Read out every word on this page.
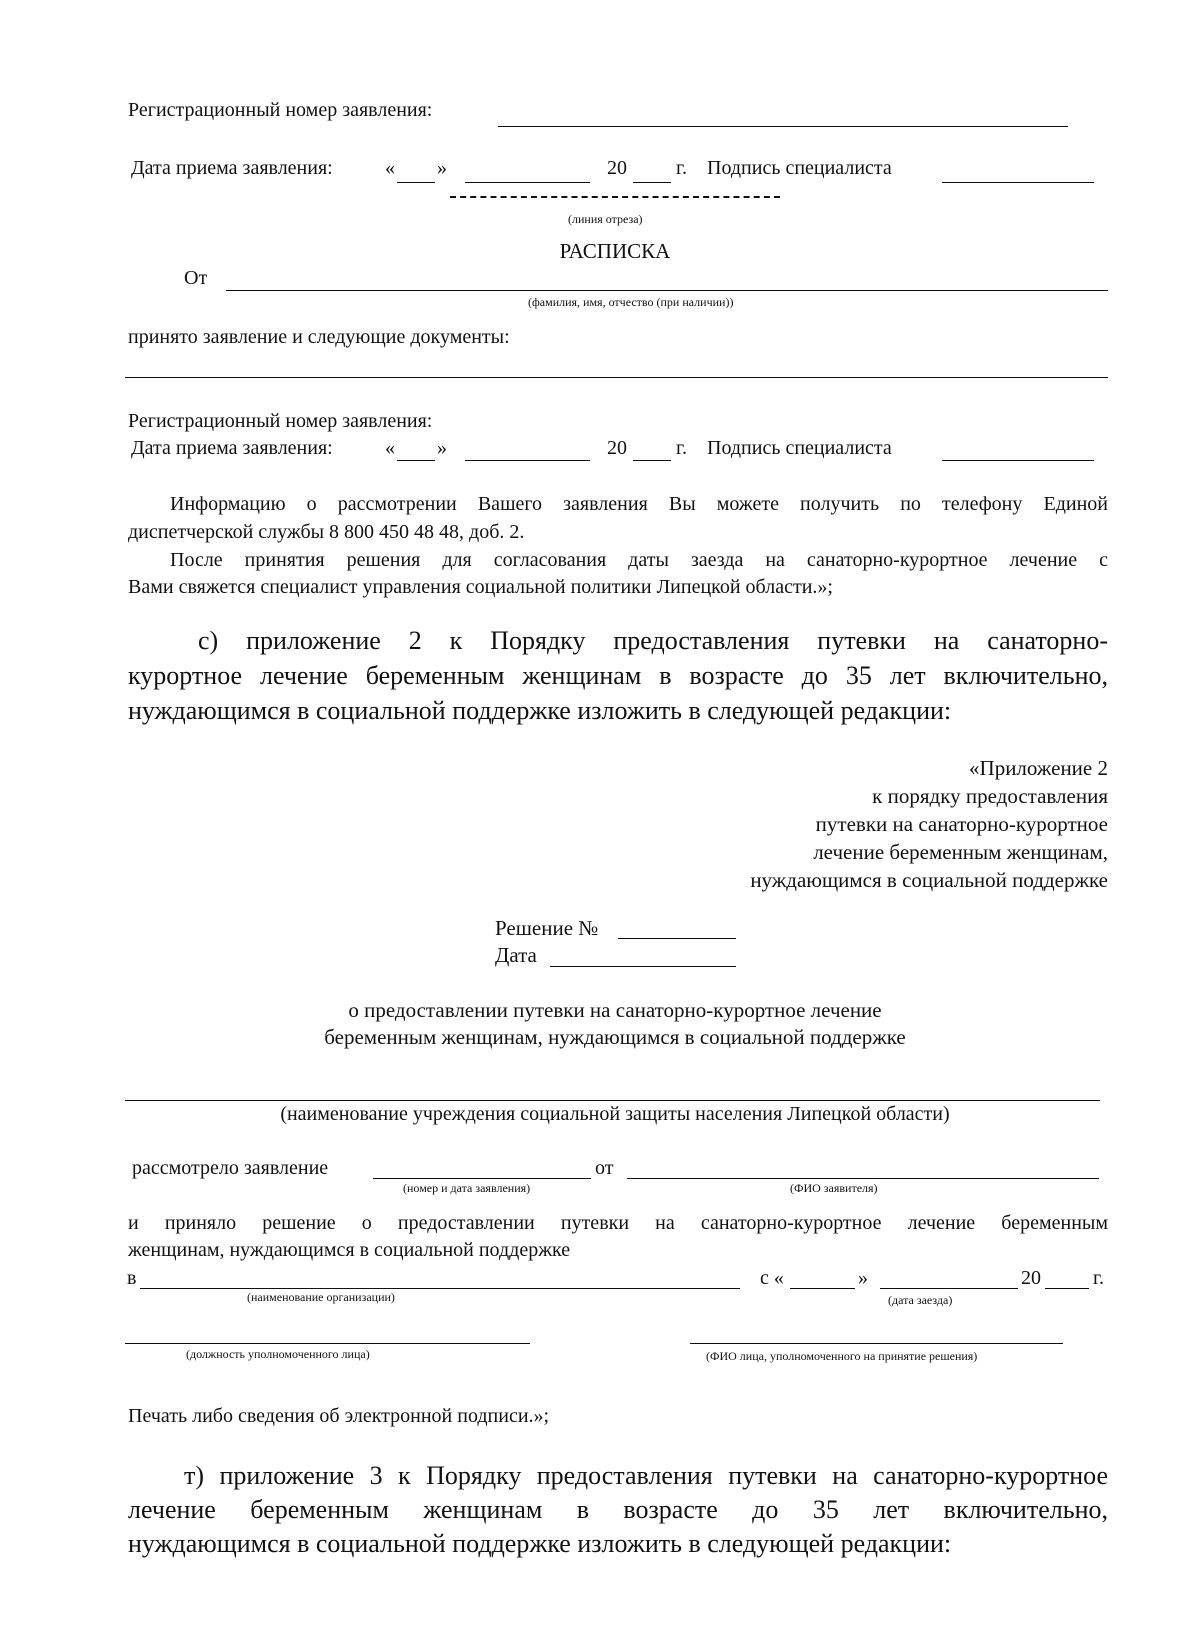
Регистрационный номер заявления:
Дата приема заявления:	« »	20 г. Подпись специалиста
(линия отреза)
РАСПИСКА
От
(фамилия, имя, отчество (при наличии))
принято заявление и следующие документы:
Регистрационный номер заявления:
Дата приема заявления:	« »	20 г. Подпись специалиста
Информацию о рассмотрении Вашего заявления Вы можете получить по телефону Единой
диспетчерской службы 8 800 450 48 48, доб. 2.
После принятия решения для согласования даты заезда на санаторно-курортное лечение с
Вами свяжется специалист управления социальной политики Липецкой области.»;
с) приложение 2 к Порядку предоставления путевки на санаторно-
курортное лечение беременным женщинам в возрасте до 35 лет включительно,
нуждающимся в социальной поддержке изложить в следующей редакции:
«Приложение 2
к порядку предоставления
путевки на санаторно-курортное
лечение беременным женщинам,
нуждающимся в социальной поддержке
Решение №
Дата
о предоставлении путевки на санаторно-курортное лечение
беременным женщинам, нуждающимся в социальной поддержке
(наименование учреждения социальной защиты населения Липецкой области)
рассмотрело заявление	от
(номер и дата заявления)	(ФИО заявителя)
и приняло решение о предоставлении путевки на санаторно-курортное лечение беременным
женщинам, нуждающимся в социальной поддержке
в	с «	»	20	г.
(наименование организации)	(дата заезда)
(должность уполномоченного лица)	(ФИО лица, уполномоченного на принятие решения)
Печать либо сведения об электронной подписи.»;
т) приложение 3 к Порядку предоставления путевки на санаторно-курортное
лечение беременным женщинам в возрасте до 35 лет включительно,
нуждающимся в социальной поддержке изложить в следующей редакции:
